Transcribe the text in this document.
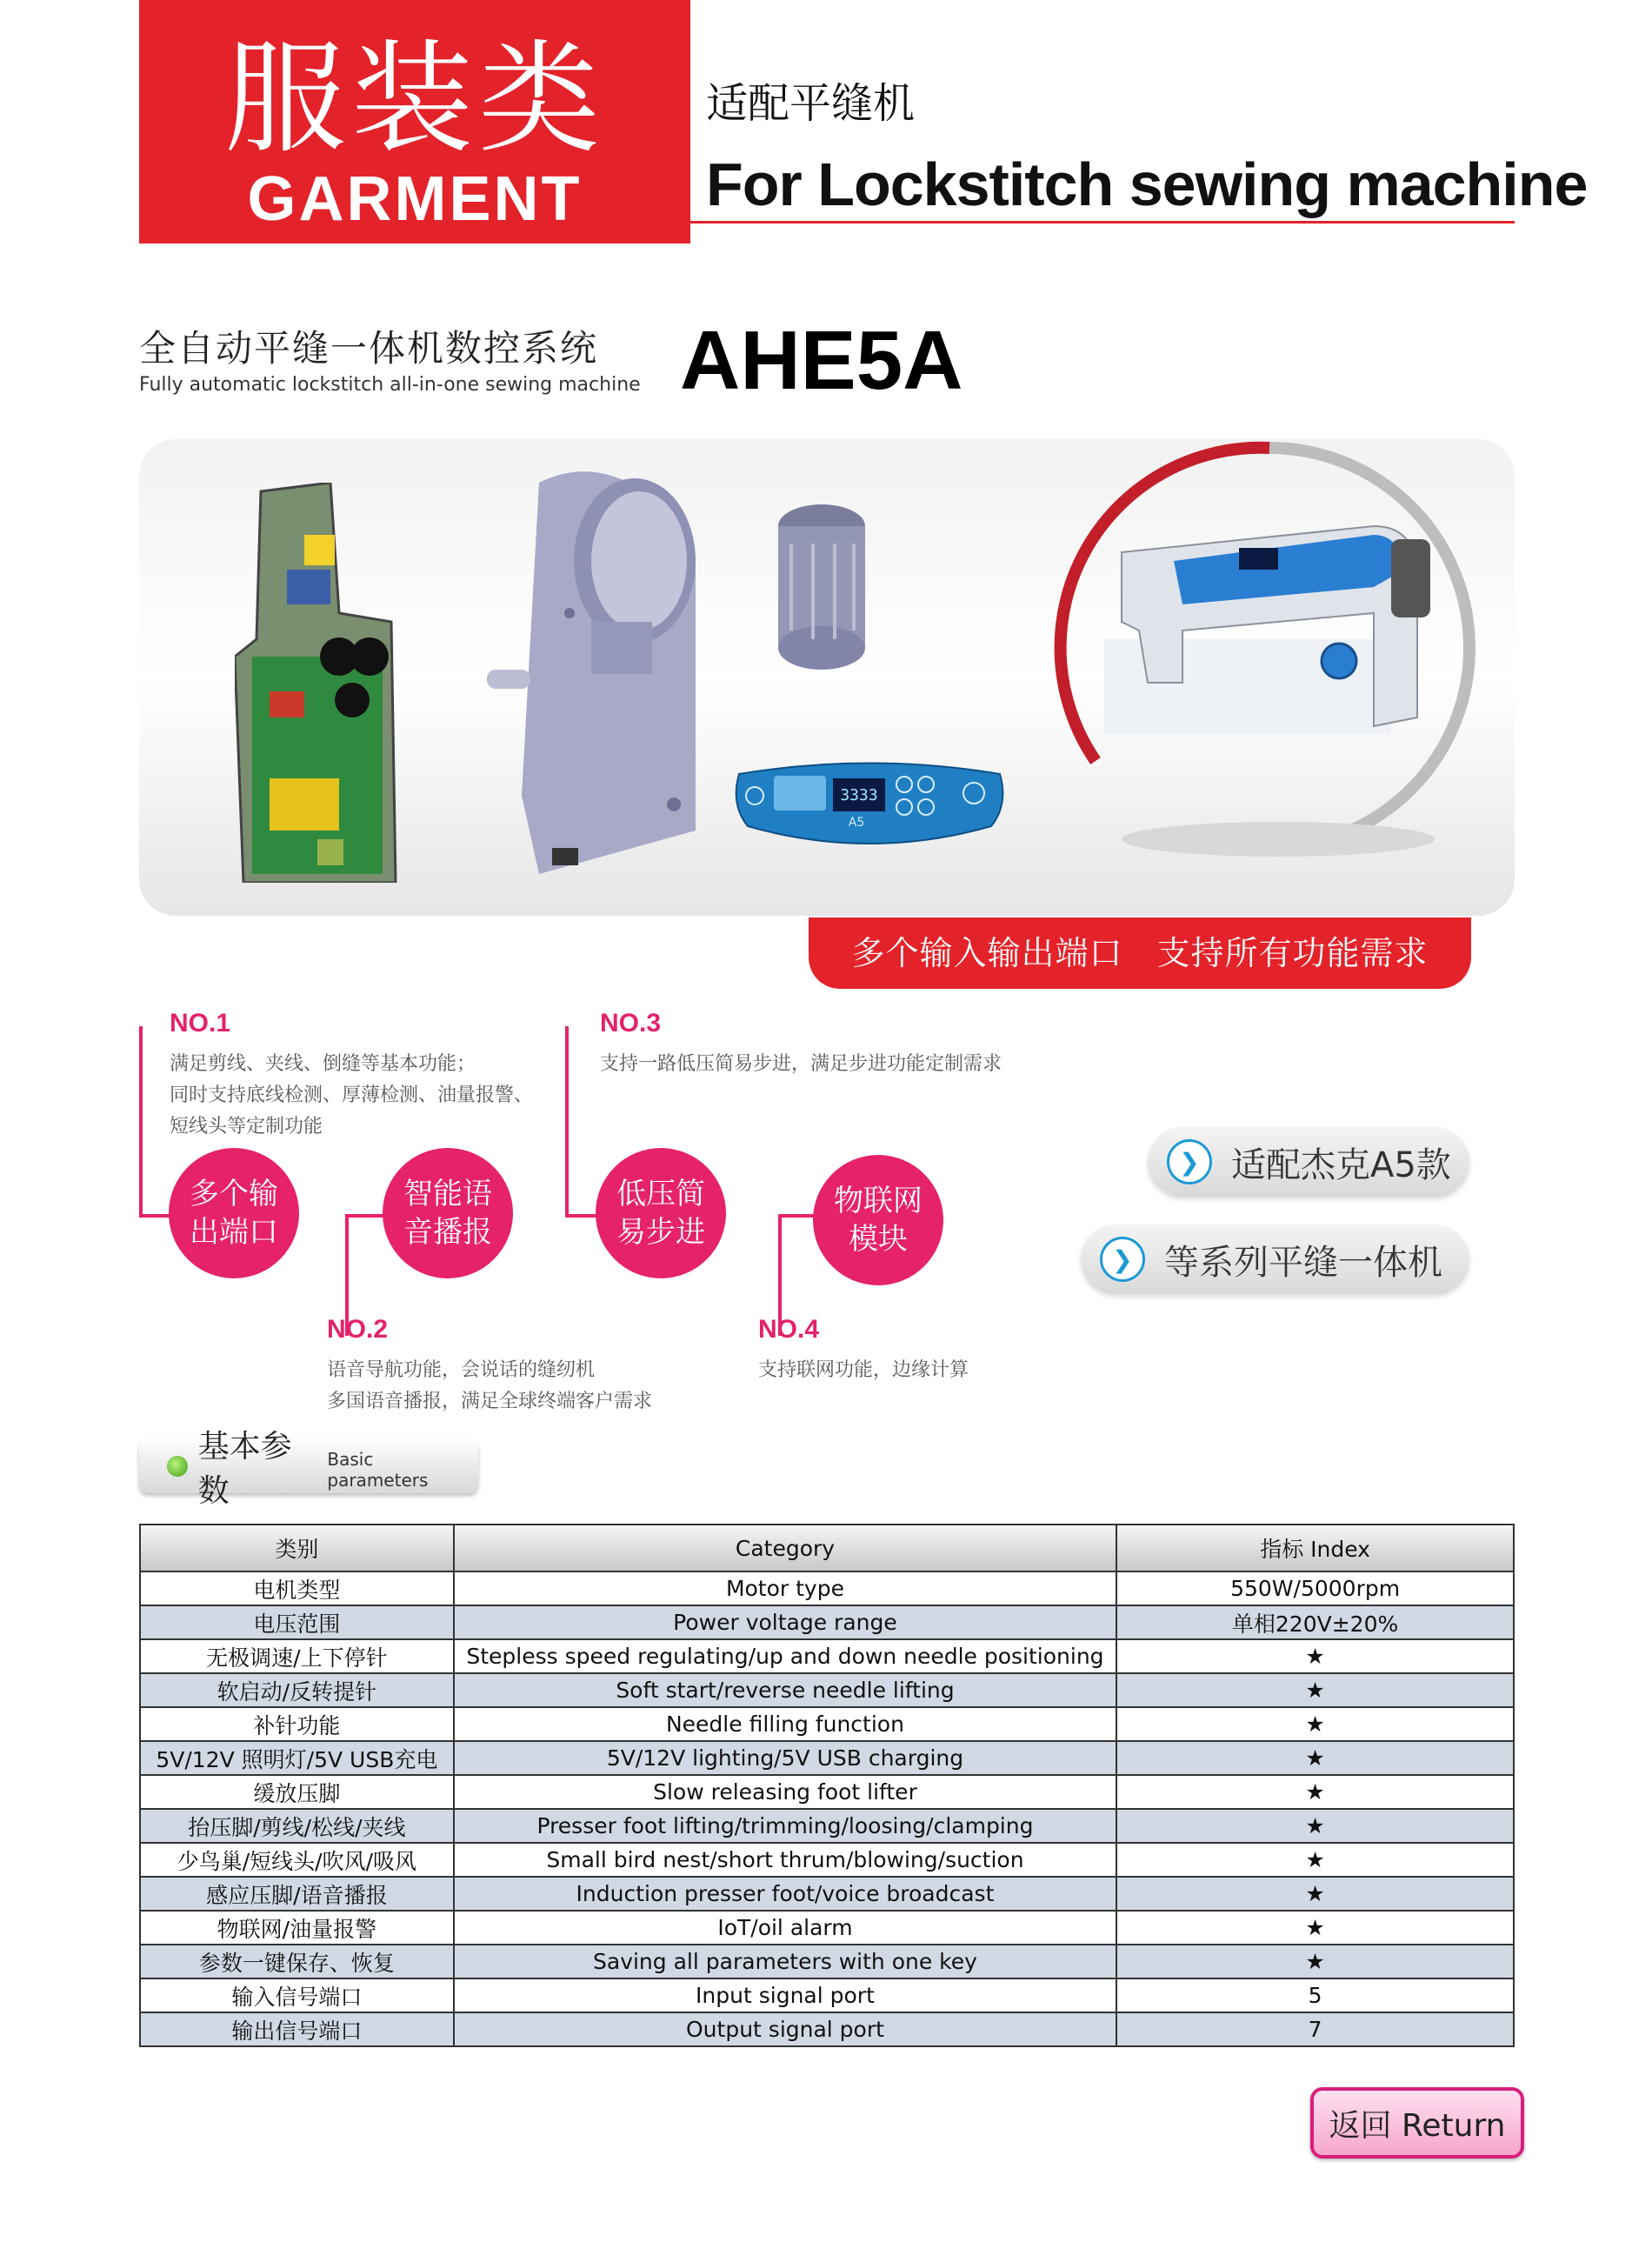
服装类
GARMENT
适配平缝机
For Lockstitch sewing machine
全自动平缝一体机数控系统
Fully automatic lockstitch all-in-one sewing machine AHE5A
3333
A5
多个输入输出端口　支持所有功能需求
NO.1
满足剪线、夹线、倒缝等基本功能；
同时支持底线检测、厚薄检测、油量报警、
短线头等定制功能
多个输
出端口
智能语
音播报
NO.2
语音导航功能，会说话的缝纫机
多国语音播报，满足全球终端客户需求
NO.3
支持一路低压简易步进，满足步进功能定制需求
低压简
易步进
物联网
模块
NO.4
支持联网功能，边缘计算
❯ 适配杰克A5款
❯ 等系列平缝一体机
基本参数
Basic parameters
类别	Category	指标 Index
电机类型	Motor type	550W/5000rpm
电压范围	Power voltage range	单相220V±20%
无极调速/上下停针	Stepless speed regulating/up and down needle positioning	★
软启动/反转提针	Soft start/reverse needle lifting	★
补针功能	Needle filling function	★
5V/12V 照明灯/5V USB充电	5V/12V lighting/5V USB charging	★
缓放压脚	Slow releasing foot lifter	★
抬压脚/剪线/松线/夹线	Presser foot lifting/trimming/loosing/clamping	★
少鸟巢/短线头/吹风/吸风	Small bird nest/short thrum/blowing/suction	★
感应压脚/语音播报	Induction presser foot/voice broadcast	★
物联网/油量报警	IoT/oil alarm	★
参数一键保存、恢复	Saving all parameters with one key	★
输入信号端口	Input signal port	5
输出信号端口	Output signal port	7
返回 Return
